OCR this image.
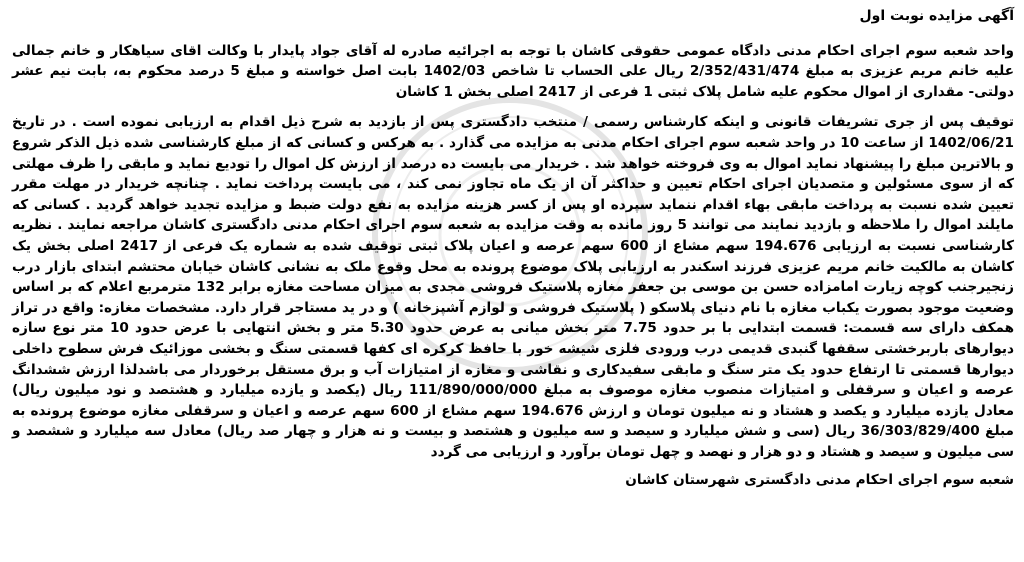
آگهی مزایده نوبت اول

واحد شعبه سوم اجرای احکام مدنی دادگاه عمومی حقوقی کاشان با توجه به اجرائیه صادره له آقای جواد پایدار با وکالت اقای سیاهکار و خانم جمالی علیه خانم مریم عزیزی به مبلغ 2/352/431/474 ریال علی الحساب تا شاخص 1402/03 بابت اصل خواسته و مبلغ 5 درصد محکوم به، بابت نیم عشر دولتی- مقداری از اموال محکوم علیه شامل پلاک ثبتی 1 فرعی از 2417 اصلی بخش 1 کاشان

توقیف پس از جری تشریفات قانونی و اینکه کارشناس رسمی / منتخب دادگستری پس از بازدید به شرح ذیل اقدام به ارزیابی نموده است . در تاریخ 1402/06/21 از ساعت 10 در واحد شعبه سوم اجرای احکام مدنی به مزایده می گذارد . به هرکس و کسانی که از مبلغ کارشناسی شده ذیل الذکر شروع و بالاترین مبلغ را پیشنهاد نماید اموال به وی فروخته خواهد شد . خریدار می بایست ده درصد از ارزش کل اموال را تودیع نماید و مابقی را ظرف مهلتی که از سوی مسئولین و متصدیان اجرای احکام تعیین و حداکثر آن از یک ماه تجاوز نمی کند ، می بایست پرداخت نماید . چنانچه خریدار در مهلت مقرر تعیین شده نسبت به پرداخت مابقی بهاء اقدام ننماید سپرده او پس از کسر هزینه مزایده به نفع دولت ضبط و مزایده تجدید خواهد گردید . کسانی که مایلند اموال را ملاحظه و بازدید نمایند می توانند 5 روز مانده به وقت مزایده به شعبه سوم اجرای احکام مدنی دادگستری کاشان مراجعه نمایند . نظریه کارشناسی نسبت به ارزیابی 194.676 سهم مشاع از 600 سهم عرصه و اعیان پلاک ثبتی توقیف شده به شماره یک فرعی از 2417 اصلی بخش یک کاشان به مالکیت خانم مریم عزیزی فرزند اسکندر به ارزیابی پلاک موضوع پرونده به محل وقوع ملک به نشانی کاشان خیابان محتشم ابتدای بازار درب زنجیرجنب کوچه زیارت امامزاده حسن بن موسی بن جعفر مغازه پلاستیک فروشی مجدی به میزان مساحت مغازه برابر 132 مترمربع اعلام که بر اساس وضعیت موجود بصورت یکباب مغازه با نام دنیای پلاسکو ( پلاستیک فروشی و لوازم آشپزخانه ) و در ید مستاجر قرار دارد. مشخصات مغازه: واقع در تراز همکف دارای سه قسمت: قسمت ابتدایی با بر حدود 7.75 متر بخش میانی به عرض حدود 5.30 متر و بخش انتهایی با عرض حدود 10 متر نوع سازه دیوارهای باربرخشتی سقفها گنبدی قدیمی درب ورودی فلزی شیشه خور با حافظ کرکره ای کفها قسمتی سنگ و بخشی موزائیک فرش سطوح داخلی دیوارها قسمتی تا ارتفاع حدود یک متر سنگ و مابقی سفیدکاری و نقاشی و مغازه از امتیازات آب و برق مستقل برخوردار می باشدلذا ارزش ششدانگ عرصه و اعیان و سرقفلی و امتیازات منصوب مغازه موصوف به مبلغ 111/890/000/000 ریال (یکصد و یازده میلیارد و هشتصد و نود میلیون ریال) معادل یازده میلیارد و یکصد و هشتاد و نه میلیون تومان و ارزش 194.676 سهم مشاع از 600 سهم عرصه و اعیان و سرقفلی مغازه موضوع پرونده به مبلغ 36/303/829/400 ریال (سی و شش میلیارد و سیصد و سه میلیون و هشتصد و بیست و نه هزار و چهار صد ریال) معادل سه میلیارد و ششصد و سی میلیون و سیصد و هشتاد و دو هزار و نهصد و چهل تومان برآورد و ارزیابی می گردد

شعبه سوم اجرای احکام مدنی دادگستری شهرستان کاشان
